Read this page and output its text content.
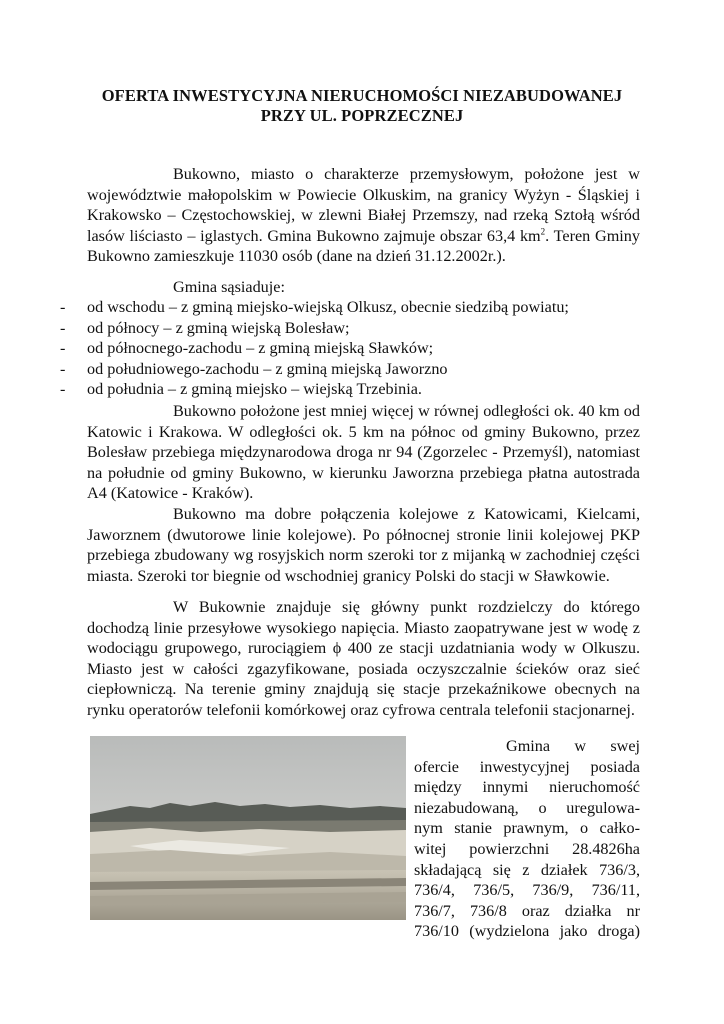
OFERTA INWESTYCYJNA NIERUCHOMOŚCI NIEZABUDOWANEJ
PRZY UL. POPRZECZNEJ
Bukowno, miasto o charakterze przemysłowym, położone jest w województwie małopolskim w Powiecie Olkuskim, na granicy Wyżyn - Śląskiej i Krakowsko – Częstochowskiej, w zlewni Białej Przemszy, nad rzeką Sztołą wśród lasów liściasto – iglastych. Gmina Bukowno zajmuje obszar 63,4 $km^2$. Teren Gminy Bukowno zamieszkuje 11030 osób (dane na dzień 31.12.2002r.).
Gmina sąsiaduje:
- od wschodu – z gminą miejsko-wiejską Olkusz, obecnie siedzibą powiatu;
- od północy – z gminą wiejską Bolesław;
- od północnego-zachodu – z gminą miejską Sławków;
- od południowego-zachodu – z gminą miejską Jaworzno
- od południa – z gminą miejsko – wiejską Trzebinia.
Bukowno położone jest mniej więcej w równej odległości ok. 40 km od Katowic i Krakowa. W odległości ok. 5 km na północ od gminy Bukowno, przez Bolesław przebiega międzynarodowa droga nr 94 (Zgorzelec - Przemyśl), natomiast na południe od gminy Bukowno, w kierunku Jaworzna przebiega płatna autostrada A4 (Katowice - Kraków).
Bukowno ma dobre połączenia kolejowe z Katowicami, Kielcami, Jaworznem (dwutorowe linie kolejowe). Po północnej stronie linii kolejowej PKP przebiega zbudowany wg rosyjskich norm szeroki tor z mijanką w zachodniej części miasta. Szeroki tor biegnie od wschodniej granicy Polski do stacji w Sławkowie.
W Bukownie znajduje się główny punkt rozdzielczy do którego dochodzą linie przesyłowe wysokiego napięcia. Miasto zaopatrywane jest w wodę z wodociągu grupowego, rurociągiem ϕ 400 ze stacji uzdatniania wody w Olkuszu. Miasto jest w całości zgazyfikowane, posiada oczyszczalnie ścieków oraz sieć ciepłowniczą. Na terenie gminy znajdują się stacje przekaźnikowe obecnych na rynku operatorów telefonii komórkowej oraz cyfrowa centrala telefonii stacjonarnej.
Gmina w swej
ofercie inwestycyjnej posiada
między innymi nieruchomość
niezabudowaną, o uregulowa-
nym stanie prawnym, o całko-
witej powierzchni 28.4826ha
składającą się z działek 736/3,
736/4, 736/5, 736/9, 736/11,
736/7, 736/8 oraz działka nr
736/10 (wydzielona jako droga)
